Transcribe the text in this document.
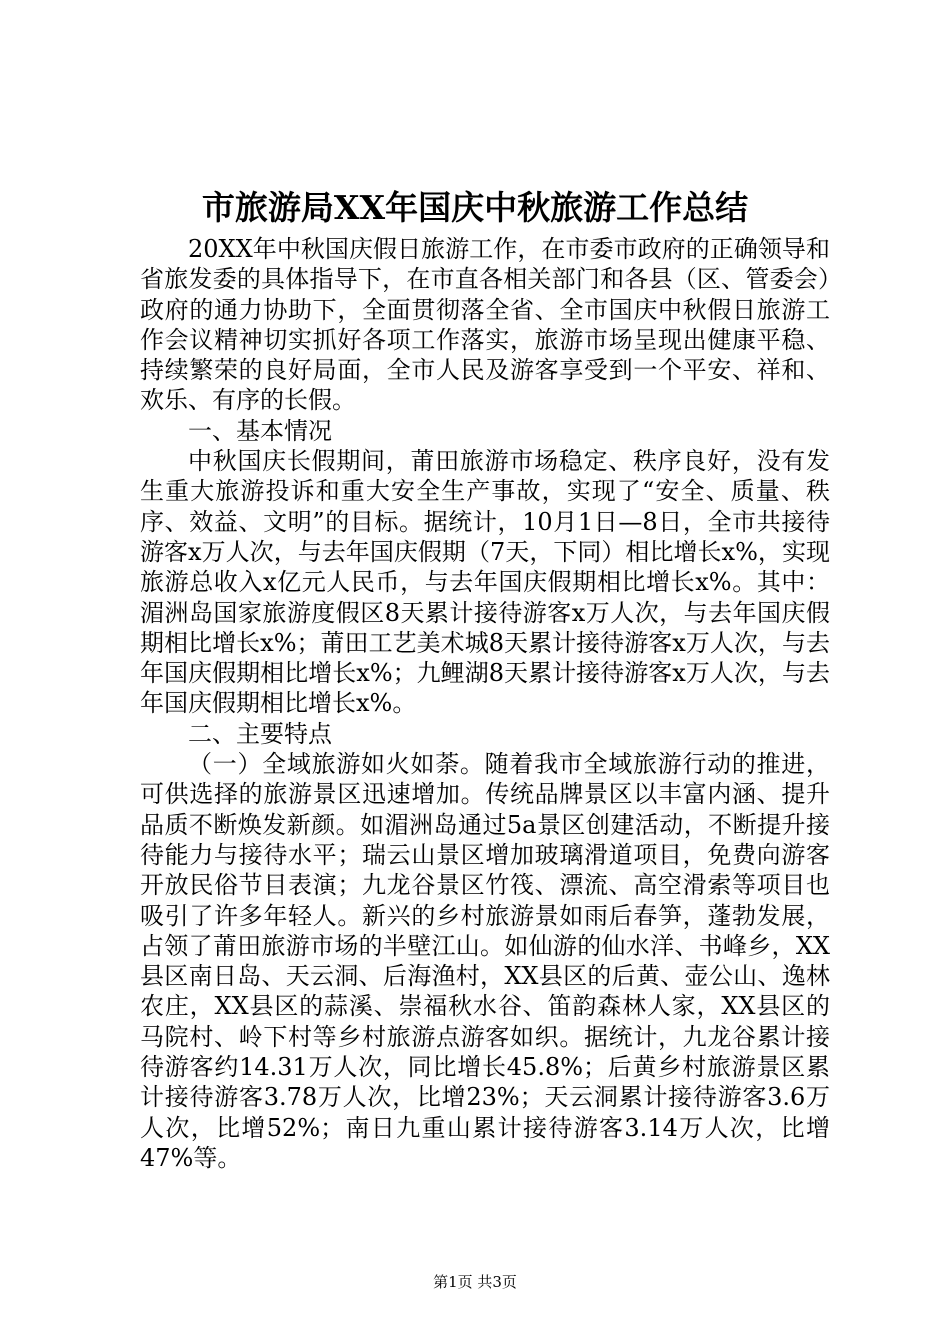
市旅游局XX年国庆中秋旅游工作总结

20XX年中秋国庆假日旅游工作，在市委市政府的正确领导和省旅发委的具体指导下，在市直各相关部门和各县（区、管委会）政府的通力协助下，全面贯彻落全省、全市国庆中秋假日旅游工作会议精神切实抓好各项工作落实，旅游市场呈现出健康平稳、持续繁荣的良好局面，全市人民及游客享受到一个平安、祥和、欢乐、有序的长假。

一、基本情况

中秋国庆长假期间，莆田旅游市场稳定、秩序良好，没有发生重大旅游投诉和重大安全生产事故，实现了“安全、质量、秩序、效益、文明”的目标。据统计，10月1日—8日，全市共接待游客x万人次，与去年国庆假期（7天，下同）相比增长x%，实现旅游总收入x亿元人民币，与去年国庆假期相比增长x%。其中：湄洲岛国家旅游度假区8天累计接待游客x万人次，与去年国庆假期相比增长x%；莆田工艺美术城8天累计接待游客x万人次，与去年国庆假期相比增长x%；九鲤湖8天累计接待游客x万人次，与去年国庆假期相比增长x%。

二、主要特点

（一）全域旅游如火如荼。随着我市全域旅游行动的推进，可供选择的旅游景区迅速增加。传统品牌景区以丰富内涵、提升品质不断焕发新颜。如湄洲岛通过5a景区创建活动，不断提升接待能力与接待水平；瑞云山景区增加玻璃滑道项目，免费向游客开放民俗节目表演；九龙谷景区竹筏、漂流、高空滑索等项目也吸引了许多年轻人。新兴的乡村旅游景如雨后春笋，蓬勃发展，占领了莆田旅游市场的半壁江山。如仙游的仙水洋、书峰乡，XX县区南日岛、天云洞、后海渔村，XX县区的后黄、壶公山、逸林农庄，XX县区的蒜溪、崇福秋水谷、笛韵森林人家，XX县区的马院村、岭下村等乡村旅游点游客如织。据统计，九龙谷累计接待游客约14.31万人次，同比增长45.8%；后黄乡村旅游景区累计接待游客3.78万人次，比增23%；天云洞累计接待游客3.6万人次，比增52%；南日九重山累计接待游客3.14万人次，比增47%等。

第1页 共3页
